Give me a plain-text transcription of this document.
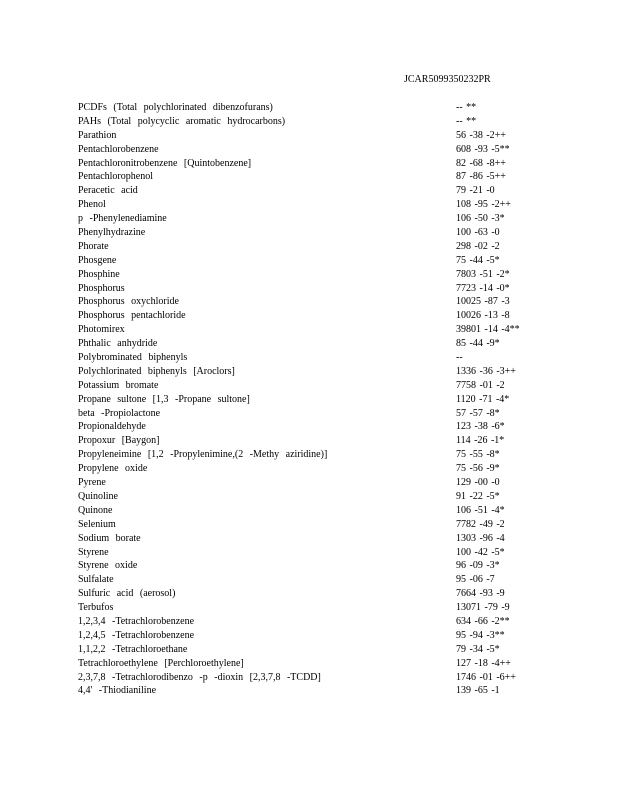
JCAR5099350232PR
PCDFs (Total polychlorinated dibenzofurans)	-- **
PAHs (Total polycyclic aromatic hydrocarbons)	-- **
Parathion	56 -38 -2++
Pentachlorobenzene	608 -93 -5**
Pentachloronitrobenzene [Quintobenzene]	82 -68 -8++
Pentachlorophenol	87 -86 -5++
Peracetic acid	79 -21 -0
Phenol	108 -95 -2++
p -Phenylenediamine	106 -50 -3*
Phenylhydrazine	100 -63 -0
Phorate	298 -02 -2
Phosgene	75 -44 -5*
Phosphine	7803 -51 -2*
Phosphorus	7723 -14 -0*
Phosphorus oxychloride	10025 -87 -3
Phosphorus pentachloride	10026 -13 -8
Photomirex	39801 -14 -4**
Phthalic anhydride	85 -44 -9*
Polybrominated biphenyls	--
Polychlorinated biphenyls [Aroclors]	1336 -36 -3++
Potassium bromate	7758 -01 -2
Propane sultone [1,3 -Propane sultone]	1120 -71 -4*
beta -Propiolactone	57 -57 -8*
Propionaldehyde	123 -38 -6*
Propoxur [Baygon]	114 -26 -1*
Propyleneimine [1,2 -Propylenimine,(2 -Methy aziridine)]	75 -55 -8*
Propylene oxide	75 -56 -9*
Pyrene	129 -00 -0
Quinoline	91 -22 -5*
Quinone	106 -51 -4*
Selenium	7782 -49 -2
Sodium borate	1303 -96 -4
Styrene	100 -42 -5*
Styrene oxide	96 -09 -3*
Sulfalate	95 -06 -7
Sulfuric acid (aerosol)	7664 -93 -9
Terbufos	13071 -79 -9
1,2,3,4 -Tetrachlorobenzene	634 -66 -2**
1,2,4,5 -Tetrachlorobenzene	95 -94 -3**
1,1,2,2 -Tetrachloroethane	79 -34 -5*
Tetrachloroethylene [Perchloroethylene]	127 -18 -4++
2,3,7,8 -Tetrachlorodibenzo -p -dioxin [2,3,7,8 -TCDD]	1746 -01 -6++
4,4' -Thiodianiline	139 -65 -1
